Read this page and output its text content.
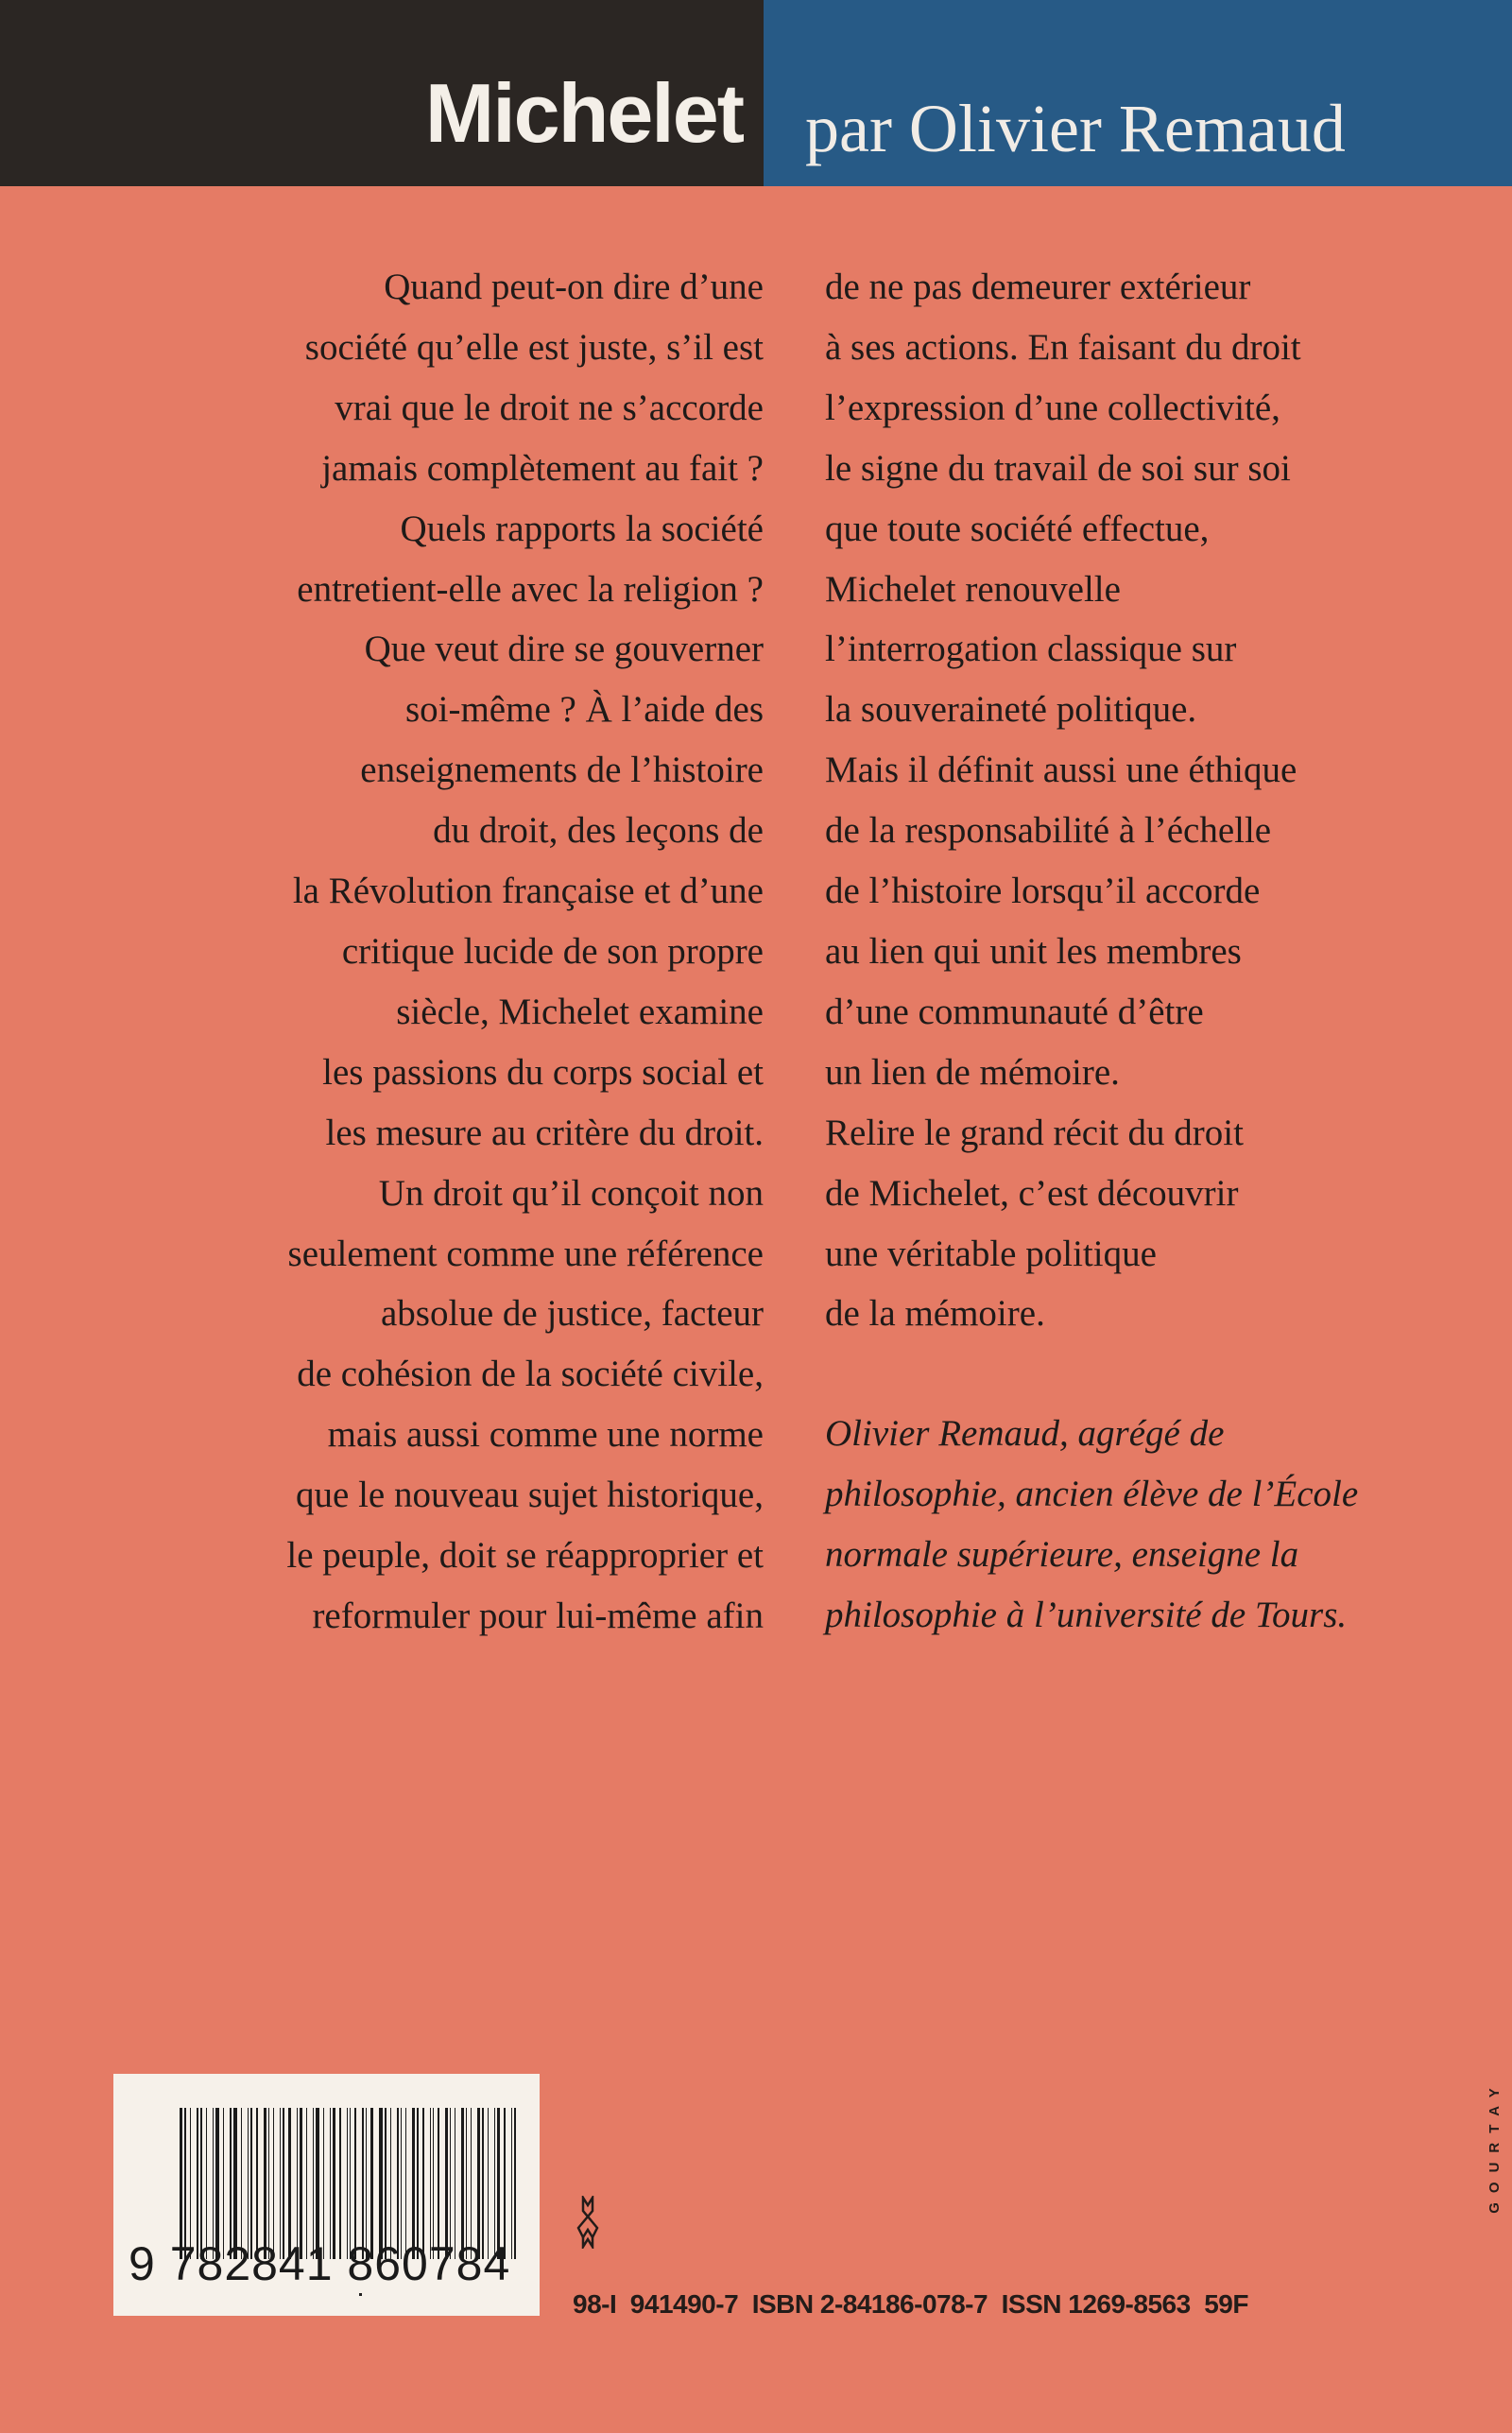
Michelet par Olivier Remaud
Quand peut-on dire d’une
société qu’elle est juste, s’il est
vrai que le droit ne s’accorde
jamais complètement au fait ?
Quels rapports la société
entretient-elle avec la religion ?
Que veut dire se gouverner
soi-même ? À l’aide des
enseignements de l’histoire
du droit, des leçons de
la Révolution française et d’une
critique lucide de son propre
siècle, Michelet examine
les passions du corps social et
les mesure au critère du droit.
Un droit qu’il conçoit non
seulement comme une référence
absolue de justice, facteur
de cohésion de la société civile,
mais aussi comme une norme
que le nouveau sujet historique,
le peuple, doit se réapproprier et
reformuler pour lui-même afin
de ne pas demeurer extérieur
à ses actions. En faisant du droit
l’expression d’une collectivité,
le signe du travail de soi sur soi
que toute société effectue,
Michelet renouvelle
l’interrogation classique sur
la souveraineté politique.
Mais il définit aussi une éthique
de la responsabilité à l’échelle
de l’histoire lorsqu’il accorde
au lien qui unit les membres
d’une communauté d’être
un lien de mémoire.
Relire le grand récit du droit
de Michelet, c’est découvrir
une véritable politique
de la mémoire.
Olivier Remaud, agrégé de
philosophie, ancien élève de l’École
normale supérieure, enseigne la
philosophie à l’université de Tours.
9 782841 860784
98-I  941490-7  ISBN 2-84186-078-7  ISSN 1269-8563  59F
GOURTAY
